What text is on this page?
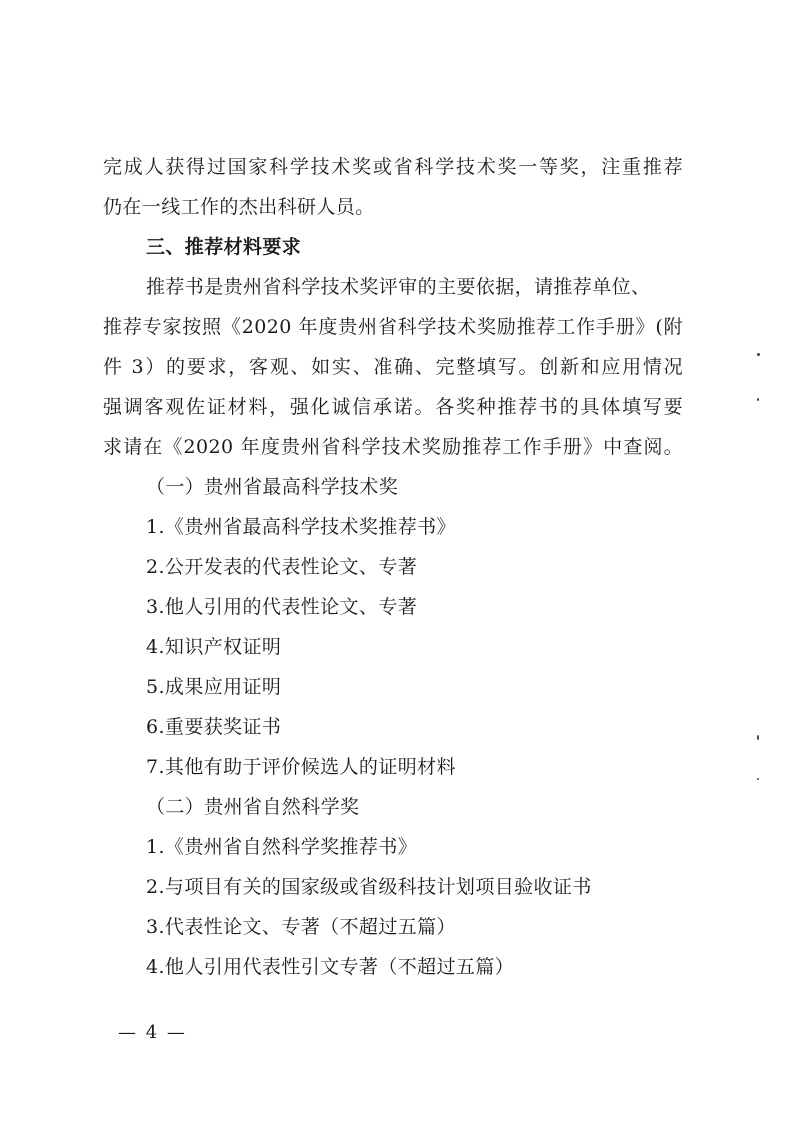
完成人获得过国家科学技术奖或省科学技术奖一等奖，注重推荐
仍在一线工作的杰出科研人员。
三、推荐材料要求
推荐书是贵州省科学技术奖评审的主要依据，请推荐单位、
推荐专家按照《2020 年度贵州省科学技术奖励推荐工作手册》(附
件 3）的要求，客观、如实、准确、完整填写。创新和应用情况
强调客观佐证材料，强化诚信承诺。各奖种推荐书的具体填写要
求请在《2020 年度贵州省科学技术奖励推荐工作手册》中查阅。
（一）贵州省最高科学技术奖
1.《贵州省最高科学技术奖推荐书》
2.公开发表的代表性论文、专著
3.他人引用的代表性论文、专著
4.知识产权证明
5.成果应用证明
6.重要获奖证书
7.其他有助于评价候选人的证明材料
（二）贵州省自然科学奖
1.《贵州省自然科学奖推荐书》
2.与项目有关的国家级或省级科技计划项目验收证书
3.代表性论文、专著（不超过五篇）
4.他人引用代表性引文专著（不超过五篇）
— 4 —
